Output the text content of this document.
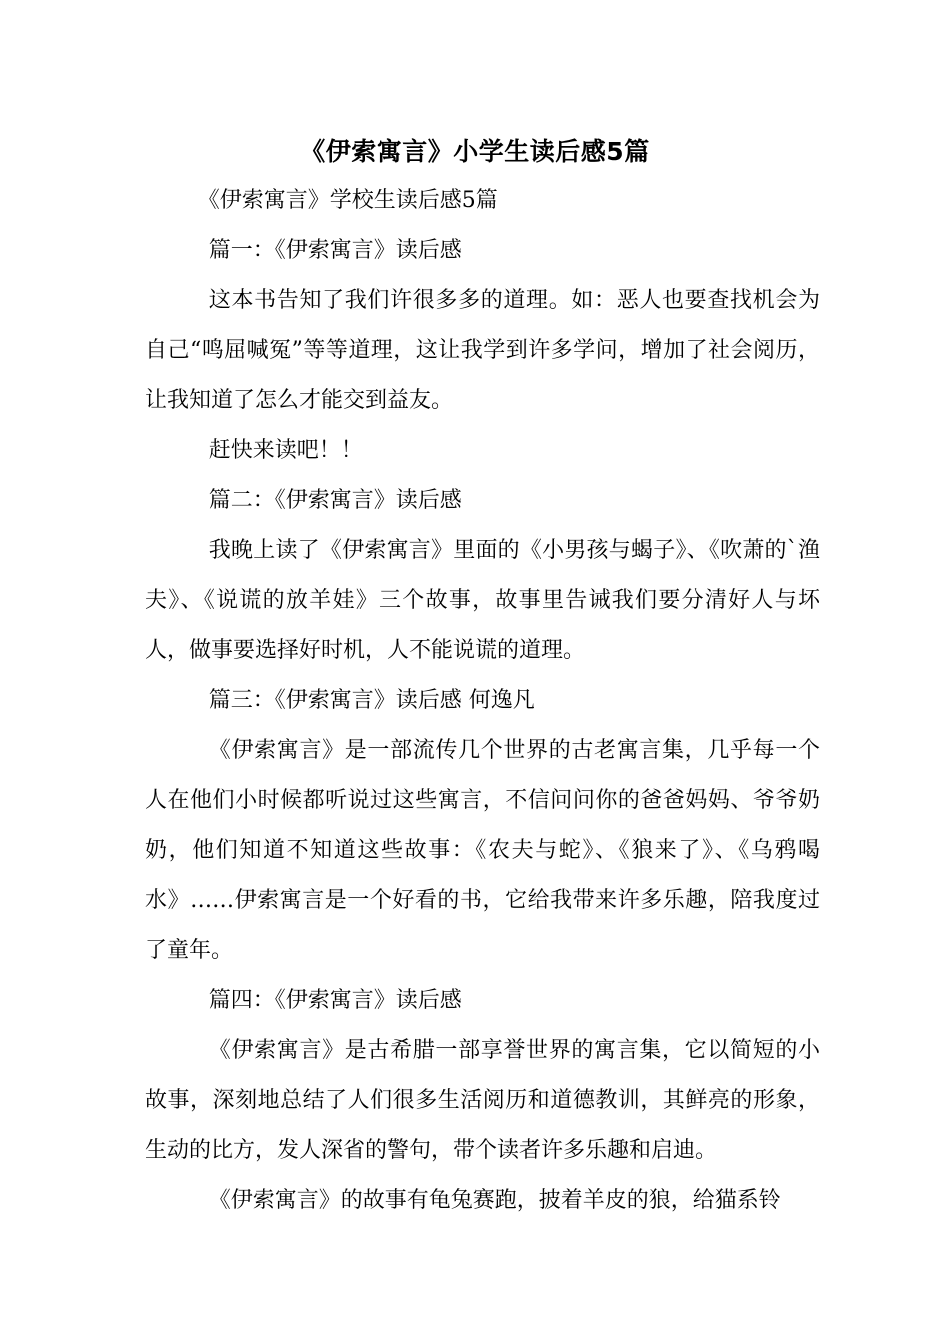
《伊索寓言》小学生读后感5篇

《伊索寓言》学校生读后感5篇

篇一：《伊索寓言》读后感

这本书告知了我们许很多多的道理。如：恶人也要查找机会为自己“鸣屈喊冤”等等道理，这让我学到许多学问，增加了社会阅历，让我知道了怎么才能交到益友。

赶快来读吧！！

篇二：《伊索寓言》读后感

我晚上读了《伊索寓言》里面的《小男孩与蝎子》、《吹萧的`渔夫》、《说谎的放羊娃》三个故事，故事里告诫我们要分清好人与坏人，做事要选择好时机，人不能说谎的道理。

篇三：《伊索寓言》读后感 何逸凡

《伊索寓言》是一部流传几个世界的古老寓言集，几乎每一个人在他们小时候都听说过这些寓言，不信问问你的爸爸妈妈、爷爷奶奶，他们知道不知道这些故事：《农夫与蛇》、《狼来了》、《乌鸦喝水》……伊索寓言是一个好看的书，它给我带来许多乐趣，陪我度过了童年。

篇四：《伊索寓言》读后感

《伊索寓言》是古希腊一部享誉世界的寓言集，它以简短的小故事，深刻地总结了人们很多生活阅历和道德教训，其鲜亮的形象，生动的比方，发人深省的警句，带个读者许多乐趣和启迪。

《伊索寓言》的故事有龟兔赛跑，披着羊皮的狼，给猫系铃
